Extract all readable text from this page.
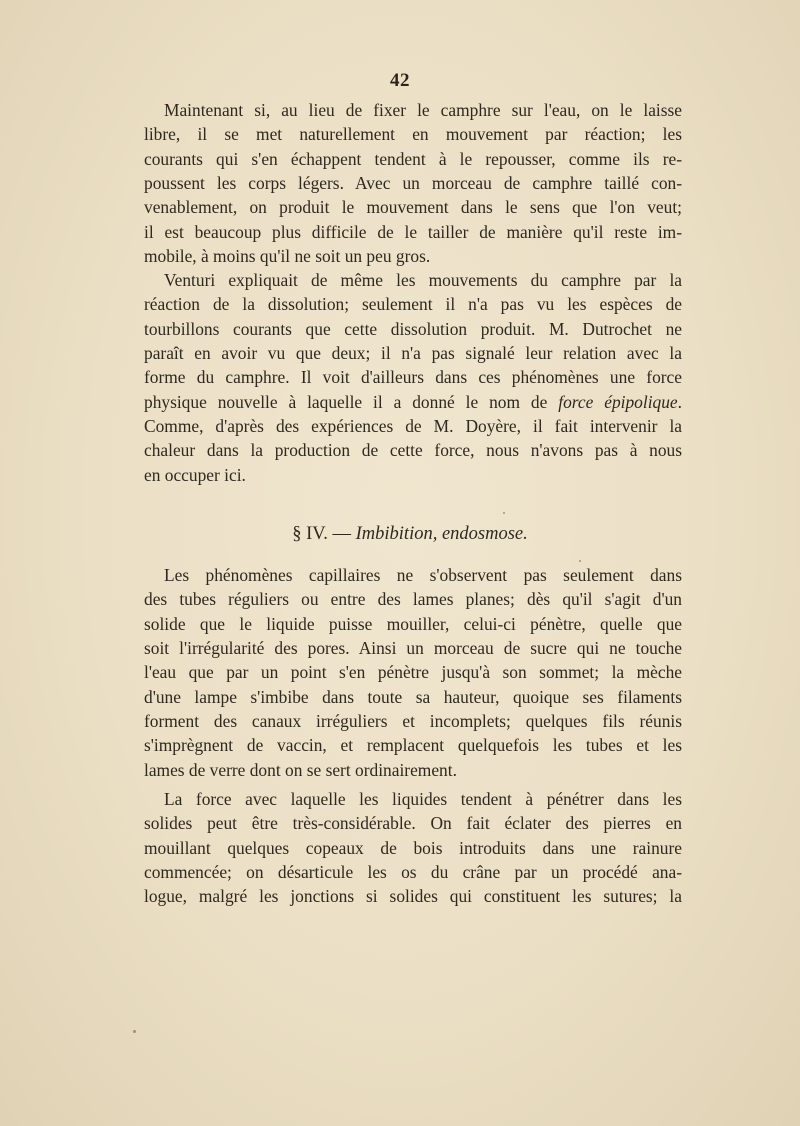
42
Maintenant si, au lieu de fixer le camphre sur l'eau, on le laisse
libre, il se met naturellement en mouvement par réaction; les
courants qui s'en échappent tendent à le repousser, comme ils re-
poussent les corps légers. Avec un morceau de camphre taillé con-
venablement, on produit le mouvement dans le sens que l'on veut;
il est beaucoup plus difficile de le tailler de manière qu'il reste im-
mobile, à moins qu'il ne soit un peu gros.
Venturi expliquait de même les mouvements du camphre par la
réaction de la dissolution; seulement il n'a pas vu les espèces de
tourbillons courants que cette dissolution produit. M. Dutrochet ne
paraît en avoir vu que deux; il n'a pas signalé leur relation avec la
forme du camphre. Il voit d'ailleurs dans ces phénomènes une force
physique nouvelle à laquelle il a donné le nom de force épipolique.
Comme, d'après des expériences de M. Doyère, il fait intervenir la
chaleur dans la production de cette force, nous n'avons pas à nous
en occuper ici.
§ IV. — Imbibition, endosmose.
Les phénomènes capillaires ne s'observent pas seulement dans
des tubes réguliers ou entre des lames planes; dès qu'il s'agit d'un
solide que le liquide puisse mouiller, celui-ci pénètre, quelle que
soit l'irrégularité des pores. Ainsi un morceau de sucre qui ne touche
l'eau que par un point s'en pénètre jusqu'à son sommet; la mèche
d'une lampe s'imbibe dans toute sa hauteur, quoique ses filaments
forment des canaux irréguliers et incomplets; quelques fils réunis
s'imprègnent de vaccin, et remplacent quelquefois les tubes et les
lames de verre dont on se sert ordinairement.
La force avec laquelle les liquides tendent à pénétrer dans les
solides peut être très-considérable. On fait éclater des pierres en
mouillant quelques copeaux de bois introduits dans une rainure
commencée; on désarticule les os du crâne par un procédé ana-
logue, malgré les jonctions si solides qui constituent les sutures; la
